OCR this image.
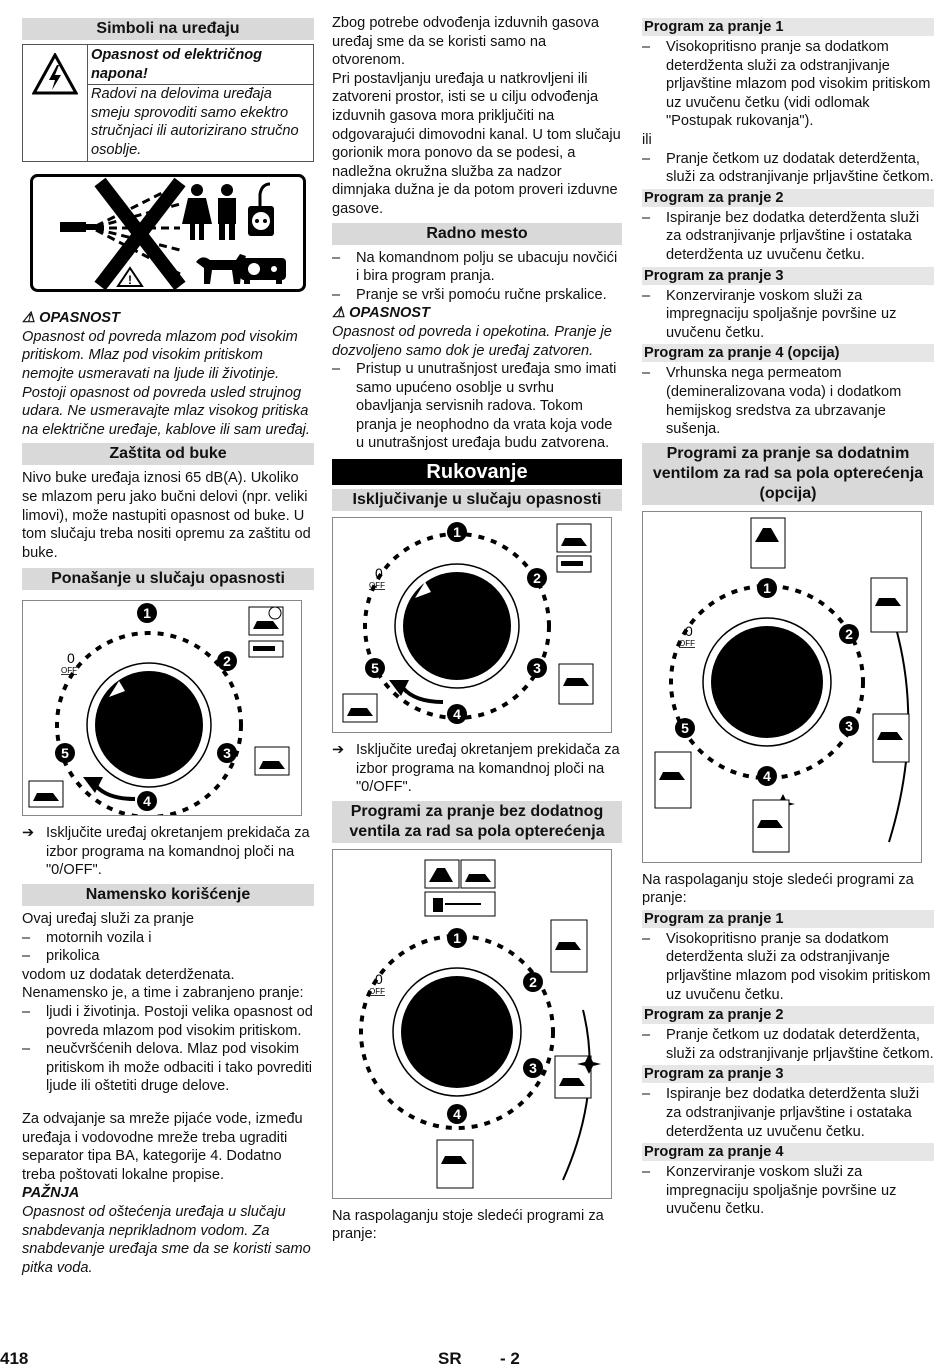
Simboli na uređaju
Opasnost od električnog napona!
Radovi na delovima uređaja smeju sprovoditi samo ekektro stručnjaci ili autorizirano stručno osoblje.
!

⚠ OPASNOST

Opasnost od povreda mlazom pod visokim pritiskom. Mlaz pod visokim pritiskom nemojte usmeravati na ljude ili životinje. Postoji opasnost od povreda usled strujnog udara. Ne usmeravajte mlaz visokog pritiska na električne uređaje, kablove ili sam uređaj.

Zaštita od buke

Nivo buke uređaja iznosi 65 dB(A). Ukoliko se mlazom peru jako bučni delovi (npr. veliki limovi), može nastupiti opasnost od buke. U tom slučaju treba nositi opremu za zaštitu od buke.

Ponašanje u slučaju opasnosti
0
OFF
1
2
3
4
5
➔ Isključite uređaj okretanjem prekidača za izbor programa na komandnoj ploči na "0/OFF".
Namensko korišćenje

Ovaj uređaj služi za pranje

– motornih vozila i
– prikolica

vodom uz dodatak deterdženata.

Nenamensko je, a time i zabranjeno pranje:

– ljudi i životinja. Postoji velika opasnost od povreda mlazom pod visokim pritiskom.
– neučvršćenih delova. Mlaz pod visokim pritiskom ih može odbaciti i tako povrediti ljude ili oštetiti druge delove.

Za odvajanje sa mreže pijaće vode, između uređaja i vodovodne mreže treba ugraditi separator tipa BA, kategorije 4. Dodatno treba poštovati lokalne propise.

PAŽNJA

Opasnost od oštećenja uređaja u slučaju snabdevanja neprikladnom vodom. Za snabdevanje uređaja sme da se koristi samo pitka voda.

Zbog potrebe odvođenja izduvnih gasova uređaj sme da se koristi samo na otvorenom.

Pri postavljanju uređaja u natkrovljeni ili zatvoreni prostor, isti se u cilju odvođenja izduvnih gasova mora priključiti na odgovarajući dimovodni kanal. U tom slučaju gorionik mora ponovo da se podesi, a nadležna okružna služba za nadzor dimnjaka dužna je da potom proveri izduvne gasove.

Radno mesto
– Na komandnom polju se ubacuju novčići i bira program pranja.
– Pranje se vrši pomoću ručne prskalice.

⚠ OPASNOST

Opasnost od povreda i opekotina. Pranje je dozvoljeno samo dok je uređaj zatvoren.

– Pristup u unutrašnjost uređaja smo imati samo upućeno osoblje u svrhu obavljanja servisnih radova. Tokom pranja je neophodno da vrata koja vode u unutrašnjost uređaja budu zatvorena.
Rukovanje
Isključivanje u slučaju opasnosti
0
OFF
1
2
3
4
5
➔ Isključite uređaj okretanjem prekidača za izbor programa na komandnoj ploči na "0/OFF".
Programi za pranje bez dodatnog ventila za rad sa pola opterećenja
0
OFF
1
2
3
4

Na raspolaganju stoje sledeći programi za pranje:

Program za pranje 1
– Visokopritisno pranje sa dodatkom deterdženta služi za odstranjivanje prljavštine mlazom pod visokim pritiskom uz uvučenu četku (vidi odlomak "Postupak rukovanja").

ili

– Pranje četkom uz dodatak deterdženta, služi za odstranjivanje prljavštine četkom.
Program za pranje 2
– Ispiranje bez dodatka deterdženta služi za odstranjivanje prljavštine i ostataka deterdženta uz uvučenu četku.
Program za pranje 3
– Konzerviranje voskom služi za impregnaciju spoljašnje površine uz uvučenu četku.
Program za pranje 4 (opcija)
– Vrhunska nega permeatom (demineralizovana voda) i dodatkom hemijskog sredstva za ubrzavanje sušenja.
Programi za pranje sa dodatnim ventilom za rad sa pola opterećenja (opcija)
0
OFF
1
2
3
4
5

Na raspolaganju stoje sledeći programi za pranje:

Program za pranje 1
– Visokopritisno pranje sa dodatkom deterdženta služi za odstranjivanje prljavštine mlazom pod visokim pritiskom uz uvučenu četku.
Program za pranje 2
– Pranje četkom uz dodatak deterdženta, služi za odstranjivanje prljavštine četkom.
Program za pranje 3
– Ispiranje bez dodatka deterdženta služi za odstranjivanje prljavštine i ostataka deterdženta uz uvučenu četku.
Program za pranje 4
– Konzerviranje voskom služi za impregnaciju spoljašnje površine uz uvučenu četku.
418	SR - 2
